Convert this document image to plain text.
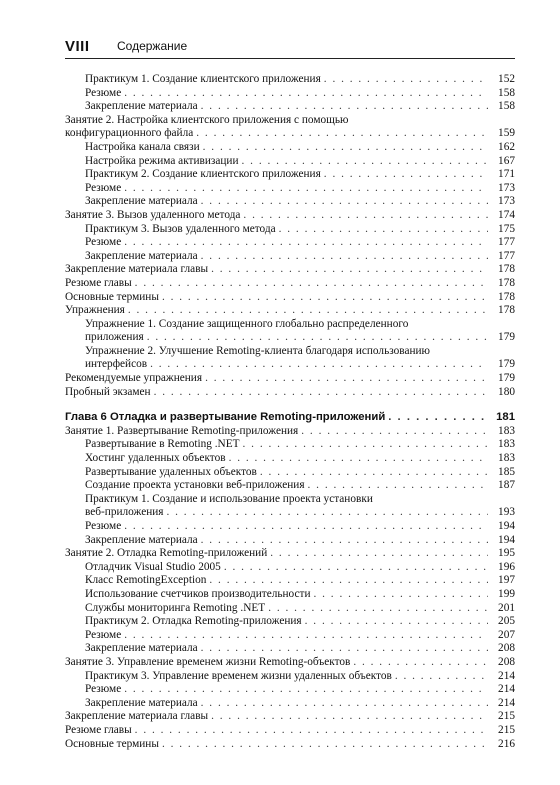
VIII Содержание
Практикум 1. Создание клиентского приложения . . .	152
Резюме . . .	158
Закрепление материала . . .	158
Занятие 2. Настройка клиентского приложения с помощью
конфигурационного файла . . .	159
Настройка канала связи . . .	162
Настройка режима активизации . . .	167
Практикум 2. Создание клиентского приложения . . .	171
Резюме . . .	173
Закрепление материала . . .	173
Занятие 3. Вызов удаленного метода . . .	174
Практикум 3. Вызов удаленного метода . . .	175
Резюме . . .	177
Закрепление материала . . .	177
Закрепление материала главы . . .	178
Резюме главы . . .	178
Основные термины . . .	178
Упражнения . . .	178
Упражнение 1. Создание защищенного глобально распределенного
приложения . . .	179
Упражнение 2. Улучшение Remoting-клиента благодаря использованию
интерфейсов . . .	179
Рекомендуемые упражнения . . .	179
Пробный экзамен . . .	180
Глава 6 Отладка и развертывание Remoting-приложений . . .	181
Занятие 1. Развертывание Remoting-приложения . . .	183
Развертывание в Remoting .NET . . .	183
Хостинг удаленных объектов . . .	183
Развертывание удаленных объектов . . .	185
Создание проекта установки веб-приложения . . .	187
Практикум 1. Создание и использование проекта установки
веб-приложения . . .	193
Резюме . . .	194
Закрепление материала . . .	194
Занятие 2. Отладка Remoting-приложений . . .	195
Отладчик Visual Studio 2005 . . .	196
Класс RemotingException . . .	197
Использование счетчиков производительности . . .	199
Службы мониторинга Remoting .NET . . .	201
Практикум 2. Отладка Remoting-приложения . . .	205
Резюме . . .	207
Закрепление материала . . .	208
Занятие 3. Управление временем жизни Remoting-объектов . . .	208
Практикум 3. Управление временем жизни удаленных объектов . . .	214
Резюме . . .	214
Закрепление материала . . .	214
Закрепление материала главы . . .	215
Резюме главы . . .	215
Основные термины . . .	216
